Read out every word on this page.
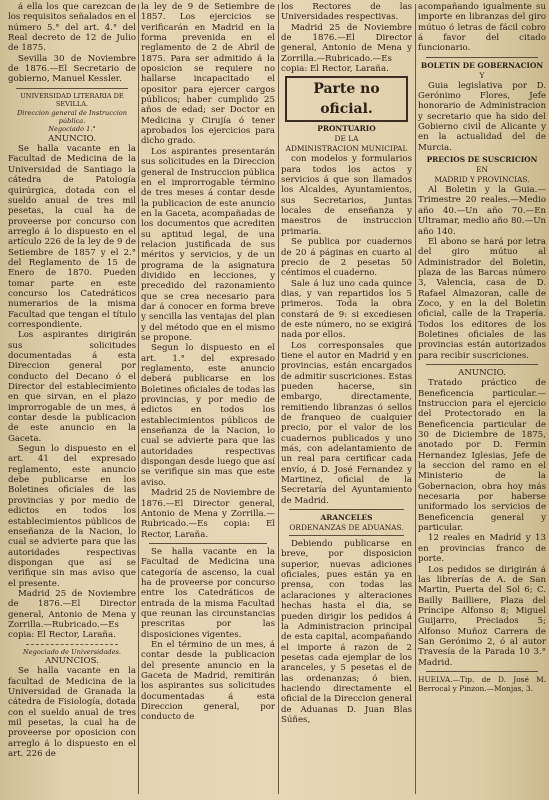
á ella los que carezcan de los requisitos señalados en el número 5.° del art. 4.° del Real decreto de 12 de Julio de 1875.

Sevilla 30 de Noviembre de 1876.—El Secretario de gobierno, Manuel Kessler.

UNIVERSIDAD LITERARIA DE SEVILLA.

Direccion general de Instruccion pública.

Negociado 1.°

ANUNCIO.

Se halla vacante en la Facultad de Medicina de la Universidad de Santiago la cátedra de Patología quirúrgica, dotada con el sueldo anual de tres mil pesetas, la cual ha de proveerse por concurso con arreglo á lo dispuesto en el artículo 226 de la ley de 9 de Setiembre de 1857 y el 2.° del Reglamento de 15 de Enero de 1870. Pueden tomar parte en este concurso los Catedráticos numerarios de la misma Facultad que tengan el título correspondiente.

Los aspirantes dirigirán sus solicitudes documentadas á esta Direccion general por conducto del Decano ó el Director del establecimiento en que sirvan, en el plazo improrrogable de un mes, á contar desde la publicacion de este anuncio en la Gaceta.

Segun lo dispuesto en el art. 41 del expresado reglamento, este anuncio debe publicarse en los Boletines oficiales de las provincias y por medio de edictos en todos los establecimientos públicos de enseñanza de la Nacion, lo cual se advierte para que las autoridades respectivas dispongan que así se verifique sin mas aviso que el presente.

Madrid 25 de Noviembre de 1876.—El Director general, Antonio de Mena y Zorrilla.—Rubricado.—Es copia: El Rector, Laraña.

Negociado de Universidades.

ANUNCIOS.

Se halla vacante en la facultad de Medicina de la Universidad de Granada la cátedra de Fisiología, dotada con el sueldo anual de tres mil pesetas, la cual ha de proveerse por oposicion con arreglo á lo dispuesto en el art. 226 de

la ley de 9 de Setiembre de 1857. Los ejercicios se verificarán en Madrid en la forma prevenida en el reglamento de 2 de Abril de 1875. Para ser admitido á la oposicion se requiere no hallarse incapacitado el opositor para ejercer cargos públicos; haber cumplido 25 años de edad; ser Doctor en Medicina y Cirujía ó tener aprobados los ejercicios para dicho grado.

Los aspirantes presentarán sus solicitudes en la Direccion general de Instruccion pública en el improrrogable término de tres meses á contar desde la publicacion de este anuncio en la Gaceta, acompañadas de los documentos que acrediten su aptitud legal, de una relacion justificada de sus méritos y servicios, y de un programa de la asignatura dividido en lecciones, y precedido del razonamiento que se crea necesario para dar á conocer en forma breve y sencilla las ventajas del plan y del método que en el mismo se propone.

Segun lo dispuesto en el art. 1.° del expresado reglamento, este anuncio deberá publicarse en los Boletines oficiales de todas las provincias, y por medio de edictos en todos los establecimientos públicos de enseñanza de la Nacion, lo cual se advierte para que las autoridades respectivas dispongan desde luego que así se verifique sin mas que este aviso.

Madrid 25 de Noviembre de 1876.—El Director general, Antonio de Mena y Zorrilla.—Rubricado.—Es copia: El Rector, Laraña.

Se halla vacante en la Facultad de Medicina una categoría de ascenso, la cual ha de proveerse por concurso entre los Catedráticos de entrada de la misma Facultad que reunan las circunstancias prescritas por las disposiciones vigentes.

En el término de un mes, á contar desde la publicacion del presente anuncio en la Gaceta de Madrid, remitirán los aspirantes sus solicitudes documentadas á esta Direccion general, por conducto de

los Rectores de las Universidades respectivas.

Madrid 25 de Noviembre de 1876.—El Director general, Antonio de Mena y Zorrilla.—Rubricado.—Es copia: El Rector, Laraña.

Parte no oficial.

PRONTUARIO

DE LA

ADMINISTRACION MUNICIPAL

con modelos y formularios para todos los actos y servicios á que son llamados los Alcaldes, Ayuntamientos, sus Secretarios, Juntas locales de enseñanza y maestros de instruccion primaria.

Se publica por cuadernos de 20 á páginas en cuarto al precio de 2 pesetas 50 céntimos el cuaderno.

Sale á luz uno cada quince dias, y van repartidos los 5 primeros. Toda la obra constará de 9: si excediesen de este número, no se exigirá nada por ellos.

Los corresponsales que tiene el autor en Madrid y en provincias, están encargados de admitir suscriciones. Estas pueden hacerse, sin embargo, directamente, remitiendo libranzas ó sellos de franqueo de cualquier precio, por el valor de los cuadernos publicados y uno más, con adelantamiento de un real para certificar cada envío, á D. José Fernandez y Martinez, oficial de la Secretaría del Ayuntamiento de Madrid.

ARANCELES

ORDENANZAS DE ADUANAS.

Debiendo publicarse en breve, por disposicion superior, nuevas adiciones oficiales, pues están ya en prensa, con todas las aclaraciones y alteraciones hechas hasta el dia, se pueden dirigir los pedidos á la Administracion principal de esta capital, acompañando el importe á razon de 2 pesetas cada ejemplar de los aranceles, y 5 pesetas el de las ordenanzas; ó bien, haciendo directamente el oficial de la Direccion general de Aduanas D. Juan Blas Súñes,

acompañando igualmente su importe en libranzas del giro mútuo ó letras de fácil cobro á favor del citado funcionario.

BOLETIN DE GOBERNACION

Y

Guia legislativa por D. Gerónimo Flores, Jefe honorario de Administracion y secretario que ha sido del Gobierno civil de Alicante y en la actualidad del de Murcia.

PRECIOS DE SUSCRICION

EN

MADRID Y PROVINCIAS.

Al Boletin y la Guia.—Trimestre 20 reales.—Medio año 40.—Un año 70.—En Ultramar, medio año 80.—Un año 140.

El abono se hará por letra del giro mútuo al Administrador del Boletin, plaza de las Barcas número 3, Valencia, casa de D. Rafael Almazoran, calle de Zoco, y en la del Boletin oficial, calle de la Trapería. Todos los editores de los Boletines oficiales de las provincias están autorizados para recibir suscriciones.

ANUNCIO.

Tratado práctico de Beneficencia particular.—Instruccion para el ejercicio del Protectorado en la Beneficencia particular de 30 de Diciembre de 1875, anotado por D. Fermin Hernandez Iglesias, Jefe de la seccion del ramo en el Ministerio de la Gobernacion, obra hoy más necesaria por haberse uniformado los servicios de Beneficencia general y particular.

12 reales en Madrid y 13 en provincias franco de porte.

Los pedidos se dirigirán á las librerías de A. de San Martin, Puerta del Sol 6; C. Bailly Bailliere, Plaza del Príncipe Alfonso 8; Miguel Guijarro, Preciados 5; Alfonso Muñoz Carrera de San Gerónimo 2, ó al autor Travesía de la Parada 10 3.° Madrid.

HUELVA.—Tip. de D. José M. Berrocal y Pinzon.—Monjas, 3.
